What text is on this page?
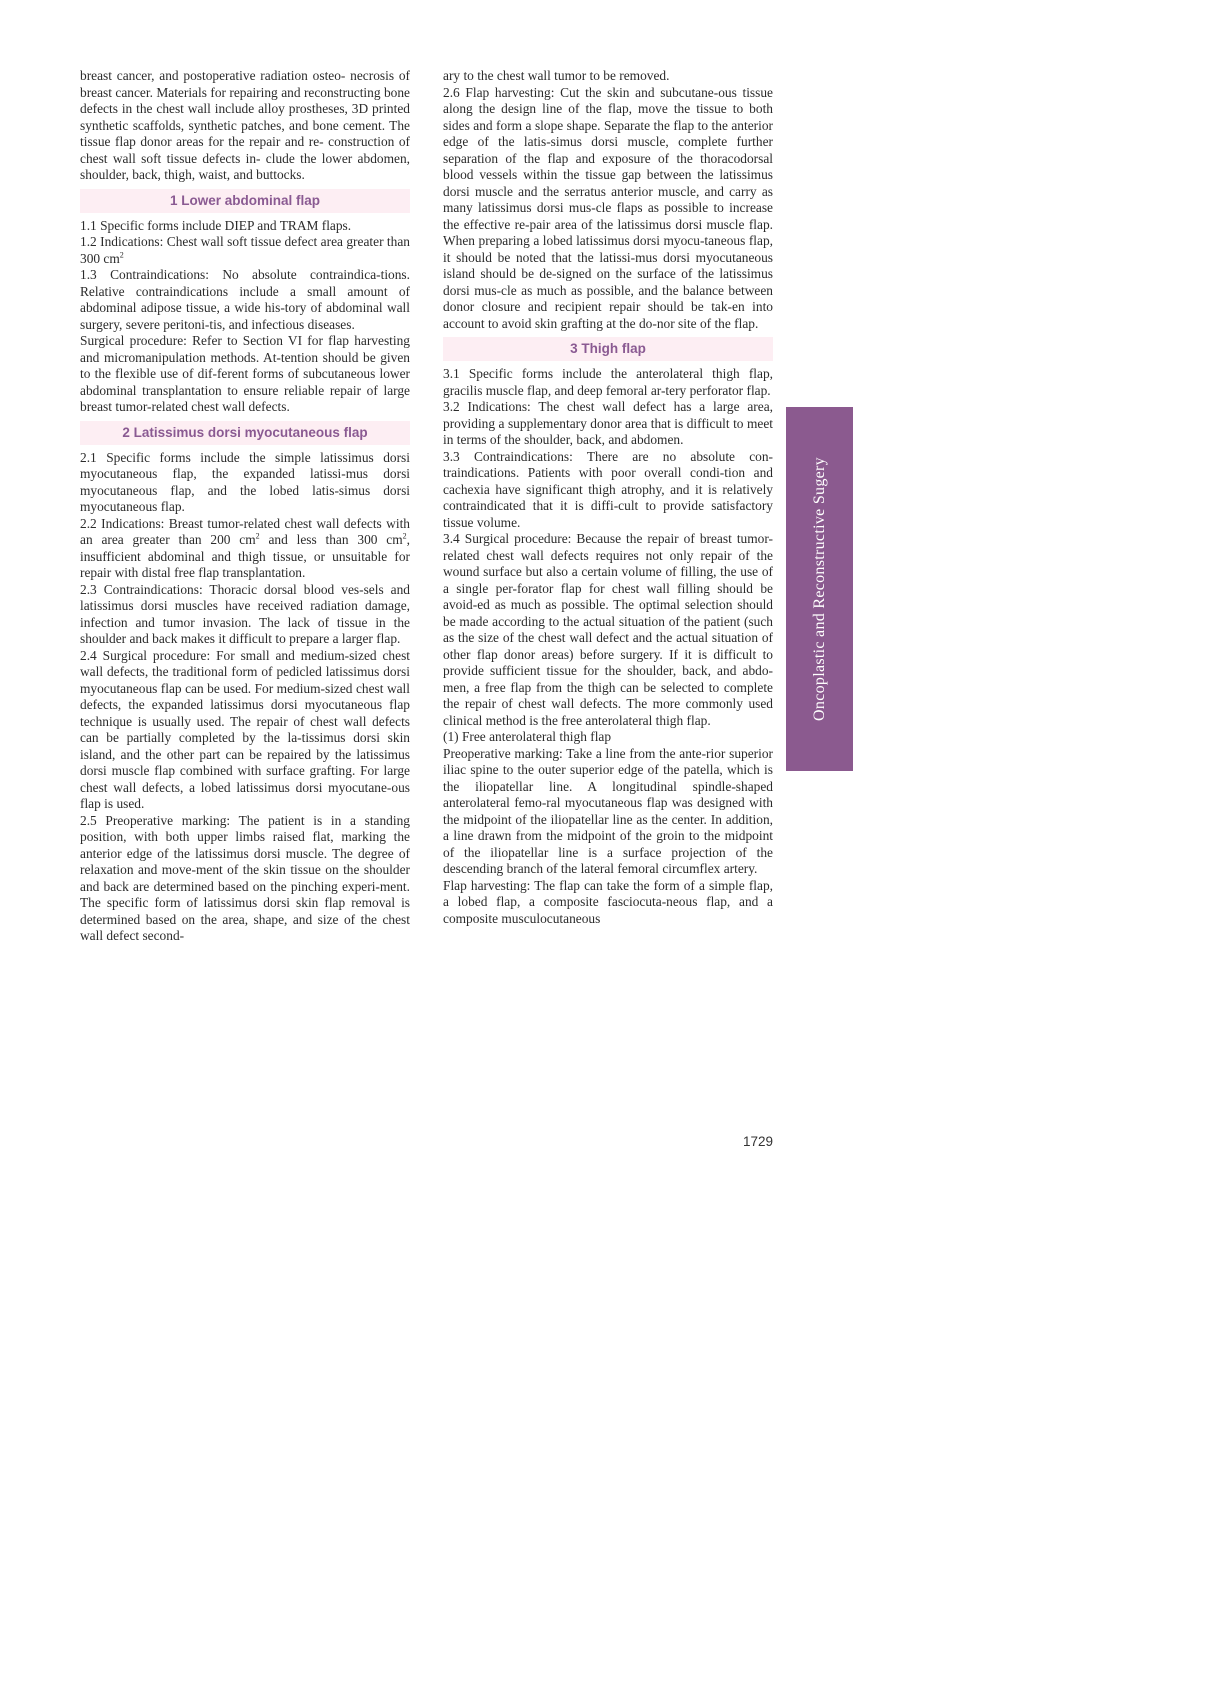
breast cancer, and postoperative radiation osteo- necrosis of breast cancer. Materials for repairing and reconstructing bone defects in the chest wall include alloy prostheses, 3D printed synthetic scaffolds, synthetic patches, and bone cement. The tissue flap donor areas for the repair and re- construction of chest wall soft tissue defects in- clude the lower abdomen, shoulder, back, thigh, waist, and buttocks.

1 Lower abdominal flap

1.1 Specific forms include DIEP and TRAM flaps.

1.2 Indications: Chest wall soft tissue defect area greater than 300 $cm^2$

1.3 Contraindications: No absolute contraindica-tions. Relative contraindications include a small amount of abdominal adipose tissue, a wide his-tory of abdominal wall surgery, severe peritoni-tis, and infectious diseases.

Surgical procedure: Refer to Section VI for flap harvesting and micromanipulation methods. At-tention should be given to the flexible use of dif-ferent forms of subcutaneous lower abdominal transplantation to ensure reliable repair of large breast tumor-related chest wall defects.

2 Latissimus dorsi myocutaneous flap

2.1 Specific forms include the simple latissimus dorsi myocutaneous flap, the expanded latissi-mus dorsi myocutaneous flap, and the lobed latis-simus dorsi myocutaneous flap.

2.2 Indications: Breast tumor-related chest wall defects with an area greater than 200 $cm^2$ and less than 300 $cm^2$, insufficient abdominal and thigh tissue, or unsuitable for repair with distal free flap transplantation.

2.3 Contraindications: Thoracic dorsal blood ves-sels and latissimus dorsi muscles have received radiation damage, infection and tumor invasion. The lack of tissue in the shoulder and back makes it difficult to prepare a larger flap.

2.4 Surgical procedure: For small and medium-sized chest wall defects, the traditional form of pedicled latissimus dorsi myocutaneous flap can be used. For medium-sized chest wall defects, the expanded latissimus dorsi myocutaneous flap technique is usually used. The repair of chest wall defects can be partially completed by the la-tissimus dorsi skin island, and the other part can be repaired by the latissimus dorsi muscle flap combined with surface grafting. For large chest wall defects, a lobed latissimus dorsi myocutane-ous flap is used.

2.5 Preoperative marking: The patient is in a standing position, with both upper limbs raised flat, marking the anterior edge of the latissimus dorsi muscle. The degree of relaxation and move-ment of the skin tissue on the shoulder and back are determined based on the pinching experi-ment. The specific form of latissimus dorsi skin flap removal is determined based on the area, shape, and size of the chest wall defect second-

ary to the chest wall tumor to be removed.

2.6 Flap harvesting: Cut the skin and subcutane-ous tissue along the design line of the flap, move the tissue to both sides and form a slope shape. Separate the flap to the anterior edge of the latis-simus dorsi muscle, complete further separation of the flap and exposure of the thoracodorsal blood vessels within the tissue gap between the latissimus dorsi muscle and the serratus anterior muscle, and carry as many latissimus dorsi mus-cle flaps as possible to increase the effective re-pair area of the latissimus dorsi muscle flap. When preparing a lobed latissimus dorsi myocu-taneous flap, it should be noted that the latissi-mus dorsi myocutaneous island should be de-signed on the surface of the latissimus dorsi mus-cle as much as possible, and the balance between donor closure and recipient repair should be tak-en into account to avoid skin grafting at the do-nor site of the flap.

3 Thigh flap

3.1 Specific forms include the anterolateral thigh flap, gracilis muscle flap, and deep femoral ar-tery perforator flap.

3.2 Indications: The chest wall defect has a large area, providing a supplementary donor area that is difficult to meet in terms of the shoulder, back, and abdomen.

3.3 Contraindications: There are no absolute con-traindications. Patients with poor overall condi-tion and cachexia have significant thigh atrophy, and it is relatively contraindicated that it is diffi-cult to provide satisfactory tissue volume.

3.4 Surgical procedure: Because the repair of breast tumor-related chest wall defects requires not only repair of the wound surface but also a certain volume of filling, the use of a single per-forator flap for chest wall filling should be avoid-ed as much as possible. The optimal selection should be made according to the actual situation of the patient (such as the size of the chest wall defect and the actual situation of other flap donor areas) before surgery. If it is difficult to provide sufficient tissue for the shoulder, back, and abdo-men, a free flap from the thigh can be selected to complete the repair of chest wall defects. The more commonly used clinical method is the free anterolateral thigh flap.

(1) Free anterolateral thigh flap

Preoperative marking: Take a line from the ante-rior superior iliac spine to the outer superior edge of the patella, which is the iliopatellar line. A longitudinal spindle-shaped anterolateral femo-ral myocutaneous flap was designed with the midpoint of the iliopatellar line as the center. In addition, a line drawn from the midpoint of the groin to the midpoint of the iliopatellar line is a surface projection of the descending branch of the lateral femoral circumflex artery.

Flap harvesting: The flap can take the form of a simple flap, a lobed flap, a composite fasciocuta-neous flap, and a composite musculocutaneous

Oncoplastic and Reconstructive Sugery
1729
